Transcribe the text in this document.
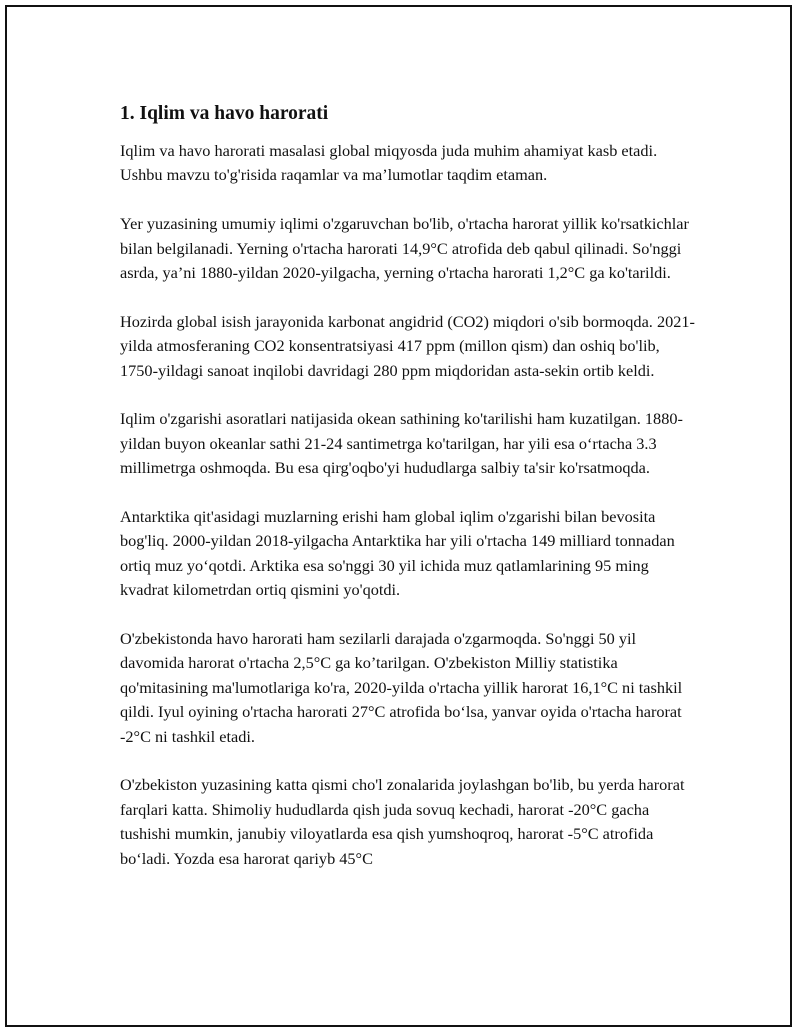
1. Iqlim va havo harorati

Iqlim va havo harorati masalasi global miqyosda juda muhim ahamiyat kasb etadi. Ushbu mavzu to'g'risida raqamlar va ma’lumotlar taqdim etaman.

Yer yuzasining umumiy iqlimi o'zgaruvchan bo'lib, o'rtacha harorat yillik ko'rsatkichlar bilan belgilanadi. Yerning o'rtacha harorati 14,9°C atrofida deb qabul qilinadi. So'nggi asrda, ya’ni 1880-yildan 2020-yilgacha, yerning o'rtacha harorati 1,2°C ga ko'tarildi.

Hozirda global isish jarayonida karbonat angidrid (CO2) miqdori o'sib bormoqda. 2021-yilda atmosferaning CO2 konsentratsiyasi 417 ppm (millon qism) dan oshiq bo'lib, 1750-yildagi sanoat inqilobi davridagi 280 ppm miqdoridan asta-sekin ortib keldi.

Iqlim o'zgarishi asoratlari natijasida okean sathining ko'tarilishi ham kuzatilgan. 1880-yildan buyon okeanlar sathi 21-24 santimetrga ko'tarilgan, har yili esa o‘rtacha 3.3 millimetrga oshmoqda. Bu esa qirg'oqbo'yi hududlarga salbiy ta'sir ko'rsatmoqda.

Antarktika qit'asidagi muzlarning erishi ham global iqlim o'zgarishi bilan bevosita bog'liq. 2000-yildan 2018-yilgacha Antarktika har yili o'rtacha 149 milliard tonnadan ortiq muz yo‘qotdi. Arktika esa so'nggi 30 yil ichida muz qatlamlarining 95 ming kvadrat kilometrdan ortiq qismini yo'qotdi.

O'zbekistonda havo harorati ham sezilarli darajada o'zgarmoqda. So'nggi 50 yil davomida harorat o'rtacha 2,5°C ga ko’tarilgan. O'zbekiston Milliy statistika qo'mitasining ma'lumotlariga ko'ra, 2020-yilda o'rtacha yillik harorat 16,1°C ni tashkil qildi. Iyul oyining o'rtacha harorati 27°C atrofida bo‘lsa, yanvar oyida o'rtacha harorat -2°C ni tashkil etadi.

O'zbekiston yuzasining katta qismi cho'l zonalarida joylashgan bo'lib, bu yerda harorat farqlari katta. Shimoliy hududlarda qish juda sovuq kechadi, harorat -20°C gacha tushishi mumkin, janubiy viloyatlarda esa qish yumshoqroq, harorat -5°C atrofida bo‘ladi. Yozda esa harorat qariyb 45°C
